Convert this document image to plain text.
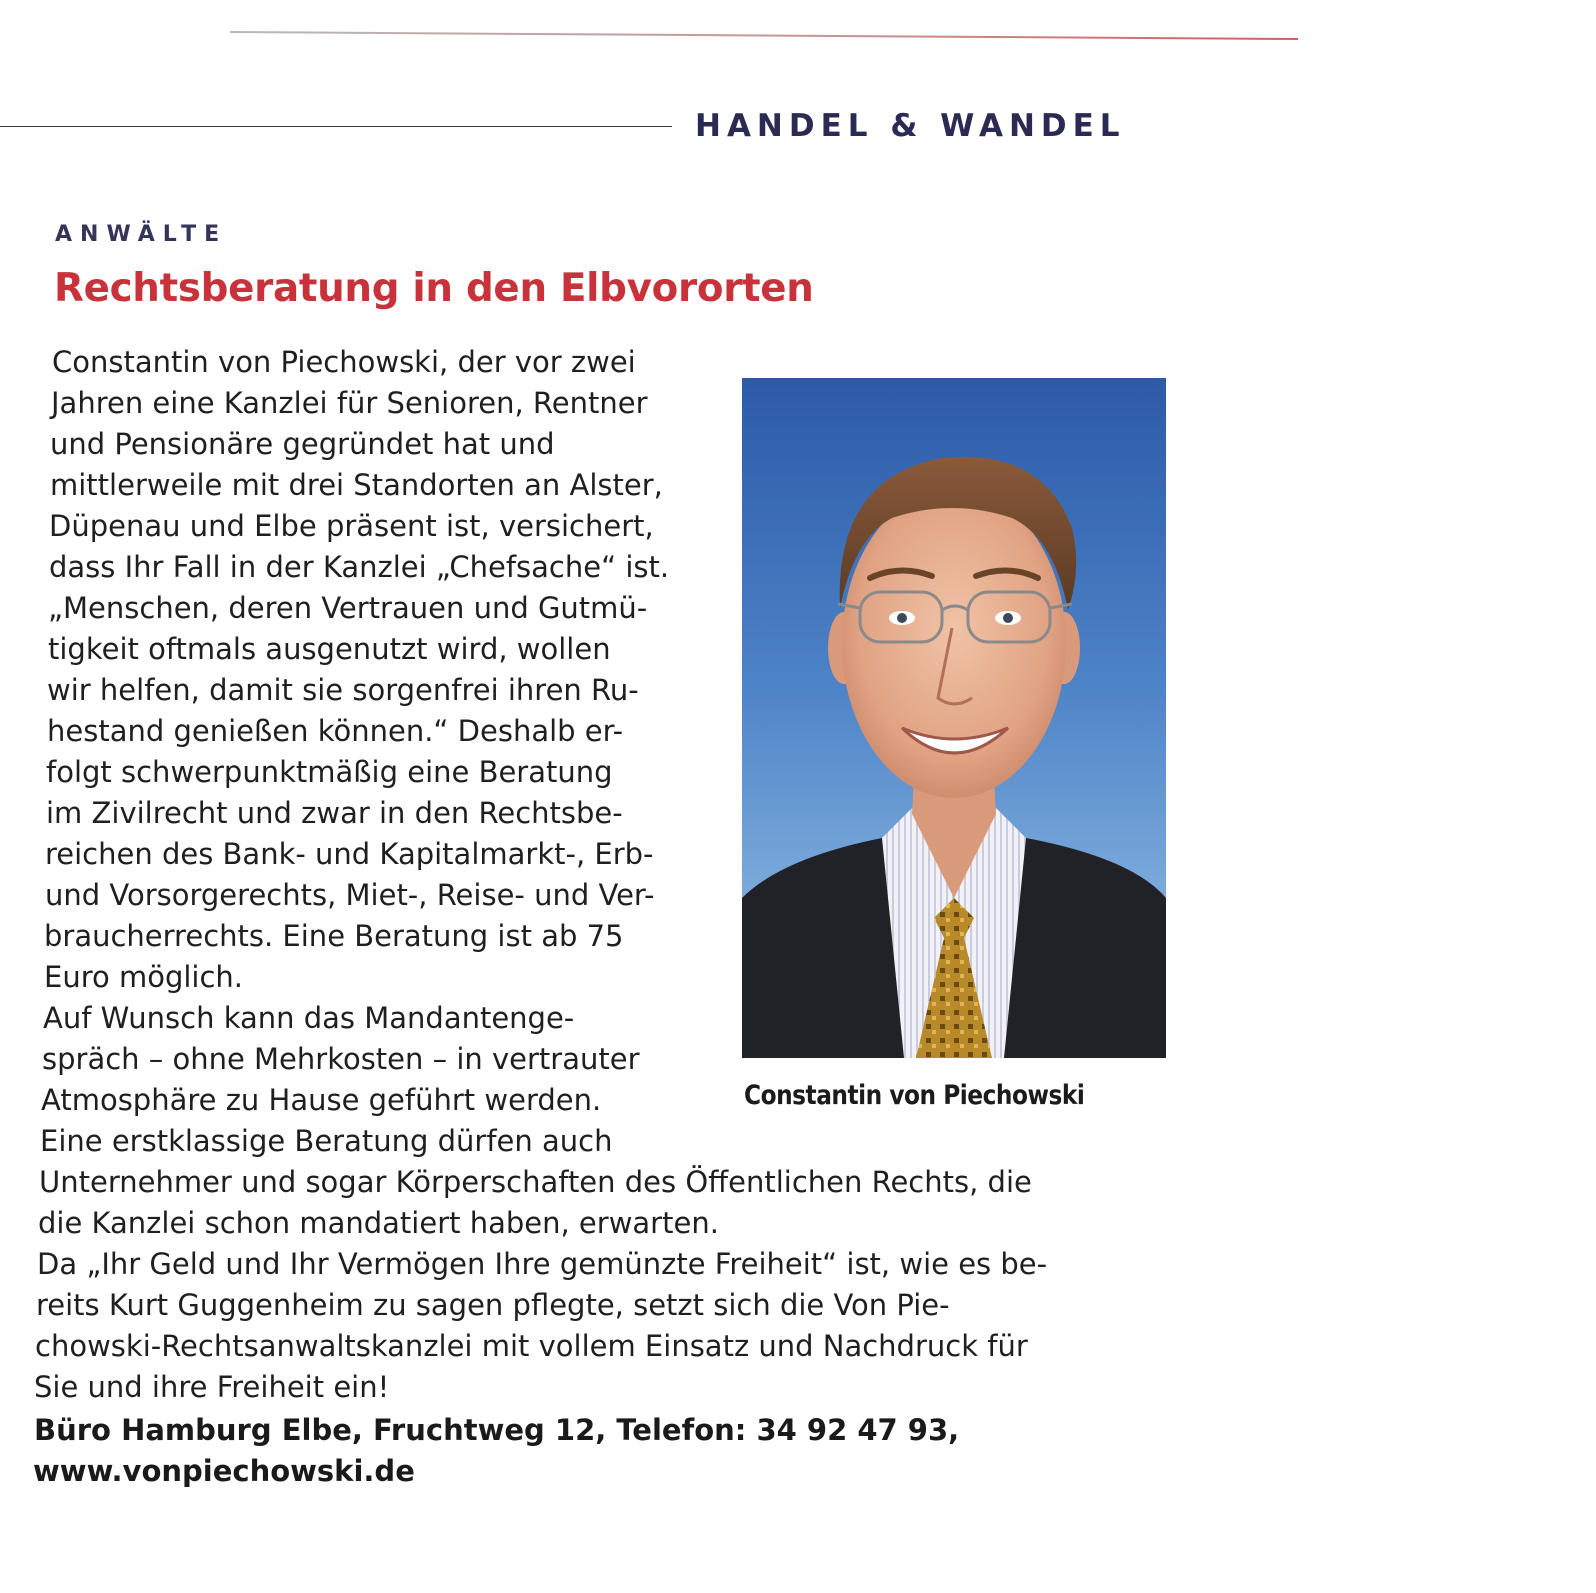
HANDEL & WANDEL
ANWÄLTE
Rechtsberatung in den Elbvororten
Constantin von Piechowski, der vor zwei
Jahren eine Kanzlei für Senioren, Rentner
und Pensionäre gegründet hat und
mittlerweile mit drei Standorten an Alster,
Düpenau und Elbe präsent ist, versichert,
dass Ihr Fall in der Kanzlei „Chefsache“ ist.
„Menschen, deren Vertrauen und Gutmü-
tigkeit oftmals ausgenutzt wird, wollen
wir helfen, damit sie sorgenfrei ihren Ru-
hestand genießen können.“ Deshalb er-
folgt schwerpunktmäßig eine Beratung
im Zivilrecht und zwar in den Rechtsbe-
reichen des Bank- und Kapitalmarkt-, Erb-
und Vorsorgerechts, Miet-, Reise- und Ver-
braucherrechts. Eine Beratung ist ab 75
Euro möglich.
Auf Wunsch kann das Mandantenge-
spräch – ohne Mehrkosten – in vertrauter
Atmosphäre zu Hause geführt werden.
Eine erstklassige Beratung dürfen auch
Unternehmer und sogar Körperschaften des Öffentlichen Rechts, die
die Kanzlei schon mandatiert haben, erwarten.
Da „Ihr Geld und Ihr Vermögen Ihre gemünzte Freiheit“ ist, wie es be-
reits Kurt Guggenheim zu sagen pflegte, setzt sich die Von Pie-
chowski-Rechtsanwaltskanzlei mit vollem Einsatz und Nachdruck für
Sie und ihre Freiheit ein!
Büro Hamburg Elbe, Fruchtweg 12, Telefon: 34 92 47 93,
www.vonpiechowski.de
Constantin von Piechowski
